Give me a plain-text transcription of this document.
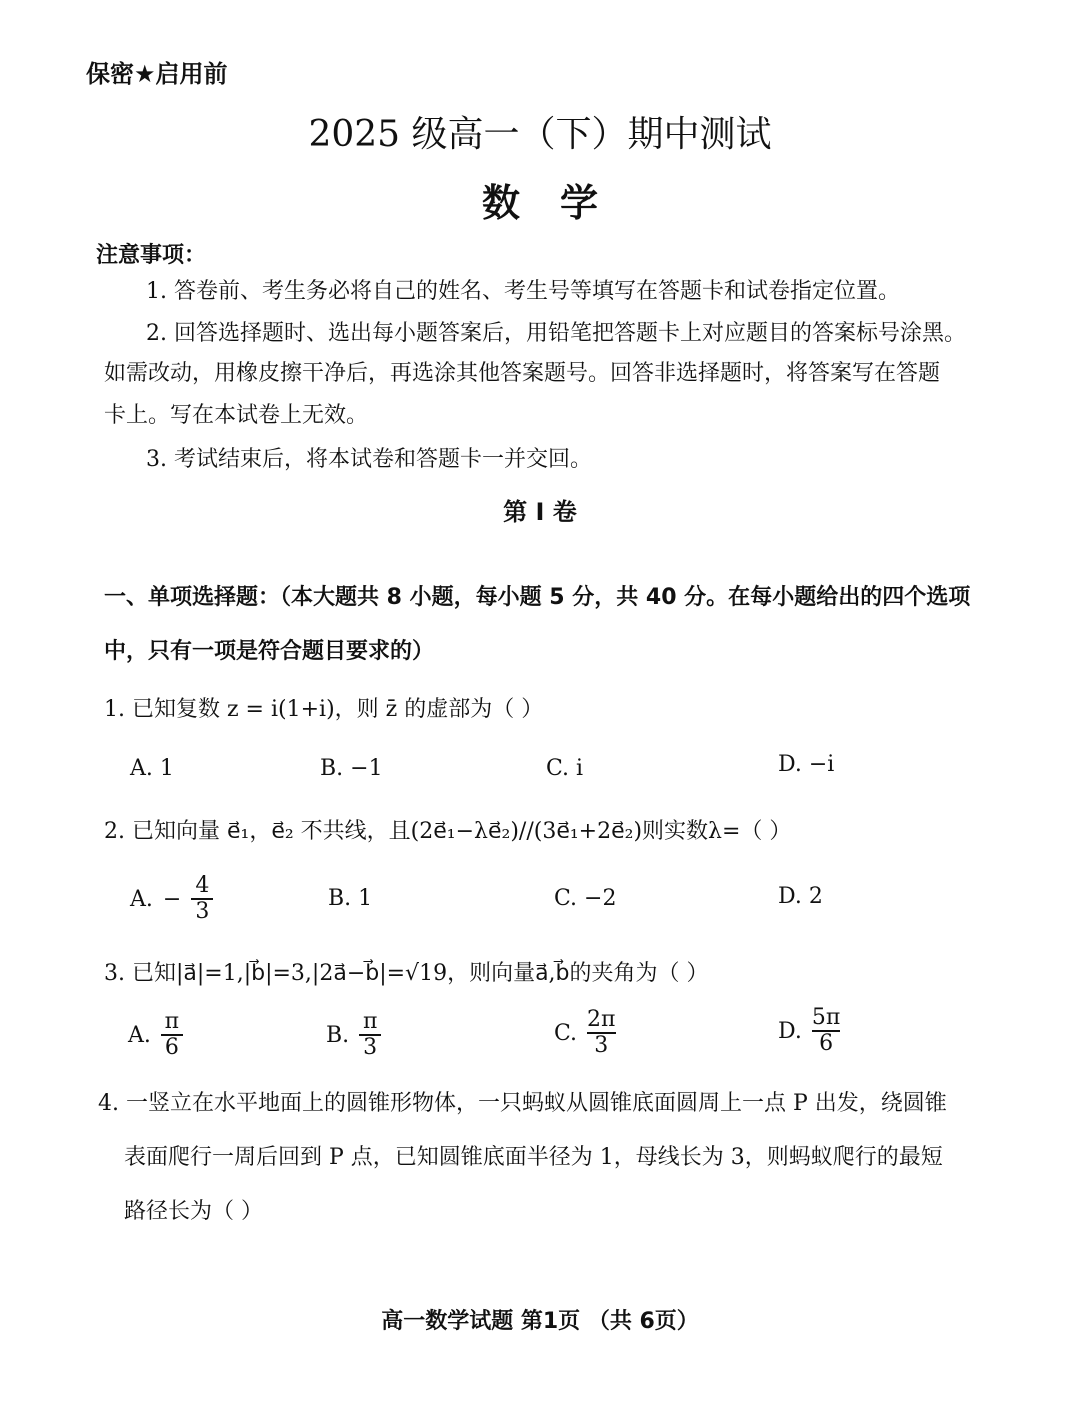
保密★启用前
2025 级高一（下）期中测试
数学
注意事项：
1. 答卷前、考生务必将自己的姓名、考生号等填写在答题卡和试卷指定位置。
2. 回答选择题时、选出每小题答案后，用铅笔把答题卡上对应题目的答案标号涂黑。
如需改动，用橡皮擦干净后，再选涂其他答案题号。回答非选择题时，将答案写在答题
卡上。写在本试卷上无效。
3. 考试结束后，将本试卷和答题卡一并交回。
第 I 卷
一、单项选择题：（本大题共 8 小题，每小题 5 分，共 40 分。在每小题给出的四个选项
中，只有一项是符合题目要求的）
1. 已知复数 z = i(1+i)，则 z̄ 的虚部为（ ）
A. 1	B. −1	C. i	D. −i
2. 已知向量 e⃗₁，e⃗₂ 不共线，且(2e⃗₁−λe⃗₂)//(3e⃗₁+2e⃗₂)则实数λ=（ ）
A. − $\frac{4}{3}$	B. 1	C. −2	D. 2
3. 已知|a⃗|=1,|b⃗|=3,|2a⃗−b⃗|=√19，则向量a⃗,b⃗的夹角为（ ）
A. $\frac{\pi}{6}$	B. $\frac{\pi}{3}$	C. $\frac{2\pi}{3}$	D. $\frac{5\pi}{6}$
4. 一竖立在水平地面上的圆锥形物体，一只蚂蚁从圆锥底面圆周上一点 P 出发，绕圆锥
表面爬行一周后回到 P 点，已知圆锥底面半径为 1，母线长为 3，则蚂蚁爬行的最短
路径长为（ ）
高一数学试题 第1页 （共 6页）
